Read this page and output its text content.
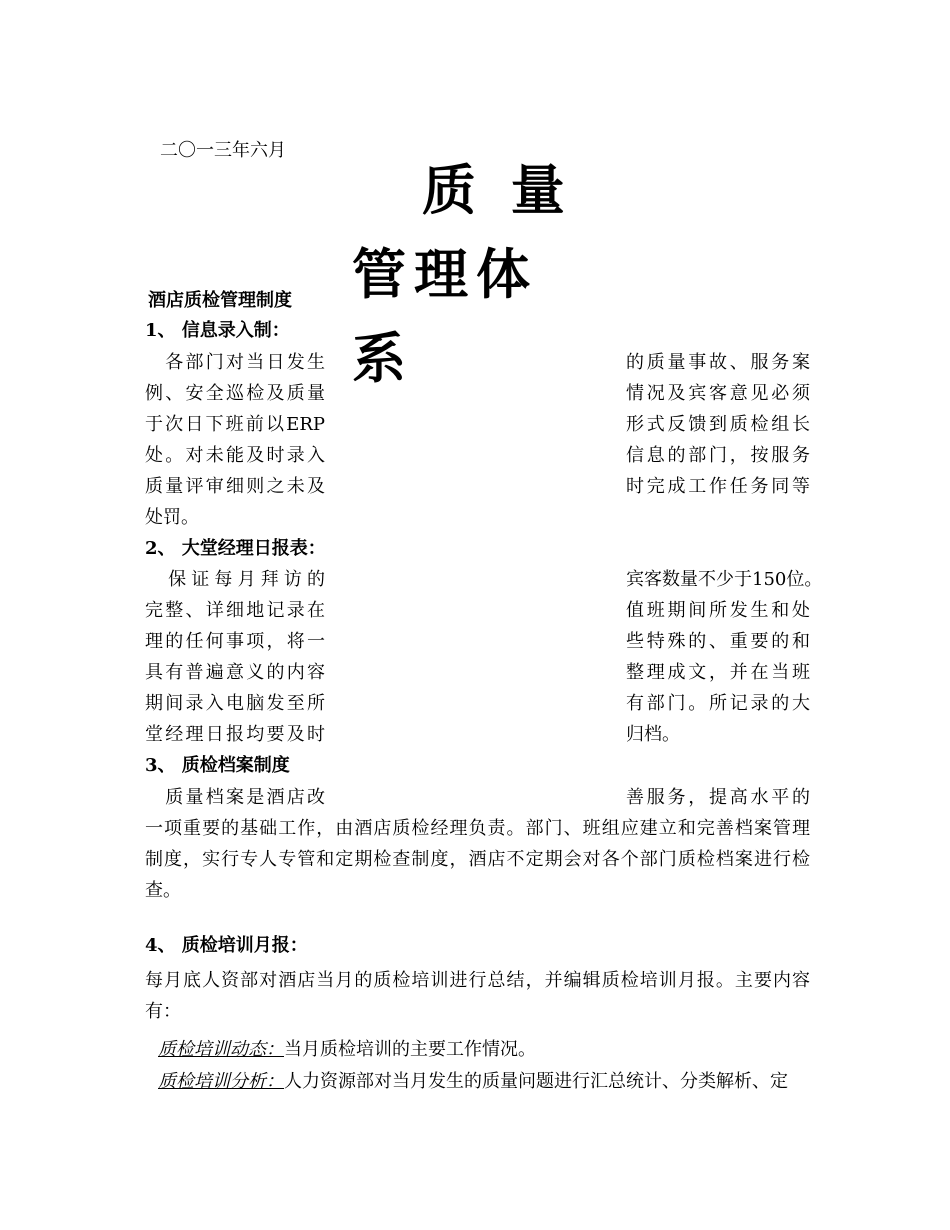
二〇一三年六月
质 量
管理体
系
酒店质检管理制度
1、 信息录入制：
　各部门对当日发生
例、安全巡检及质量
于次日下班前以ERP
处。对未能及时录入
质量评审细则之未及
处罚。
的质量事故、服务案
情况及宾客意见必须
形式反馈到质检组长
信息的部门，按服务
时完成工作任务同等
2、 大堂经理日报表：
　保证每月拜访的
完整、详细地记录在
理的任何事项，将一
具有普遍意义的内容
期间录入电脑发至所
堂经理日报均要及时
宾客数量不少于150位。
值班期间所发生和处
些特殊的、重要的和
整理成文，并在当班
有部门。所记录的大
归档。
3、 质检档案制度
　质量档案是酒店改	善服务，提高水平的
一项重要的基础工作，由酒店质检经理负责。部门、班组应建立和完善档案管理
制度，实行专人专管和定期检查制度，酒店不定期会对各个部门质检档案进行检
查。
4、 质检培训月报：
每月底人资部对酒店当月的质检培训进行总结，并编辑质检培训月报。主要内容
有：
质检培训动态：当月质检培训的主要工作情况。
质检培训分析：人力资源部对当月发生的质量问题进行汇总统计、分类解析、定
